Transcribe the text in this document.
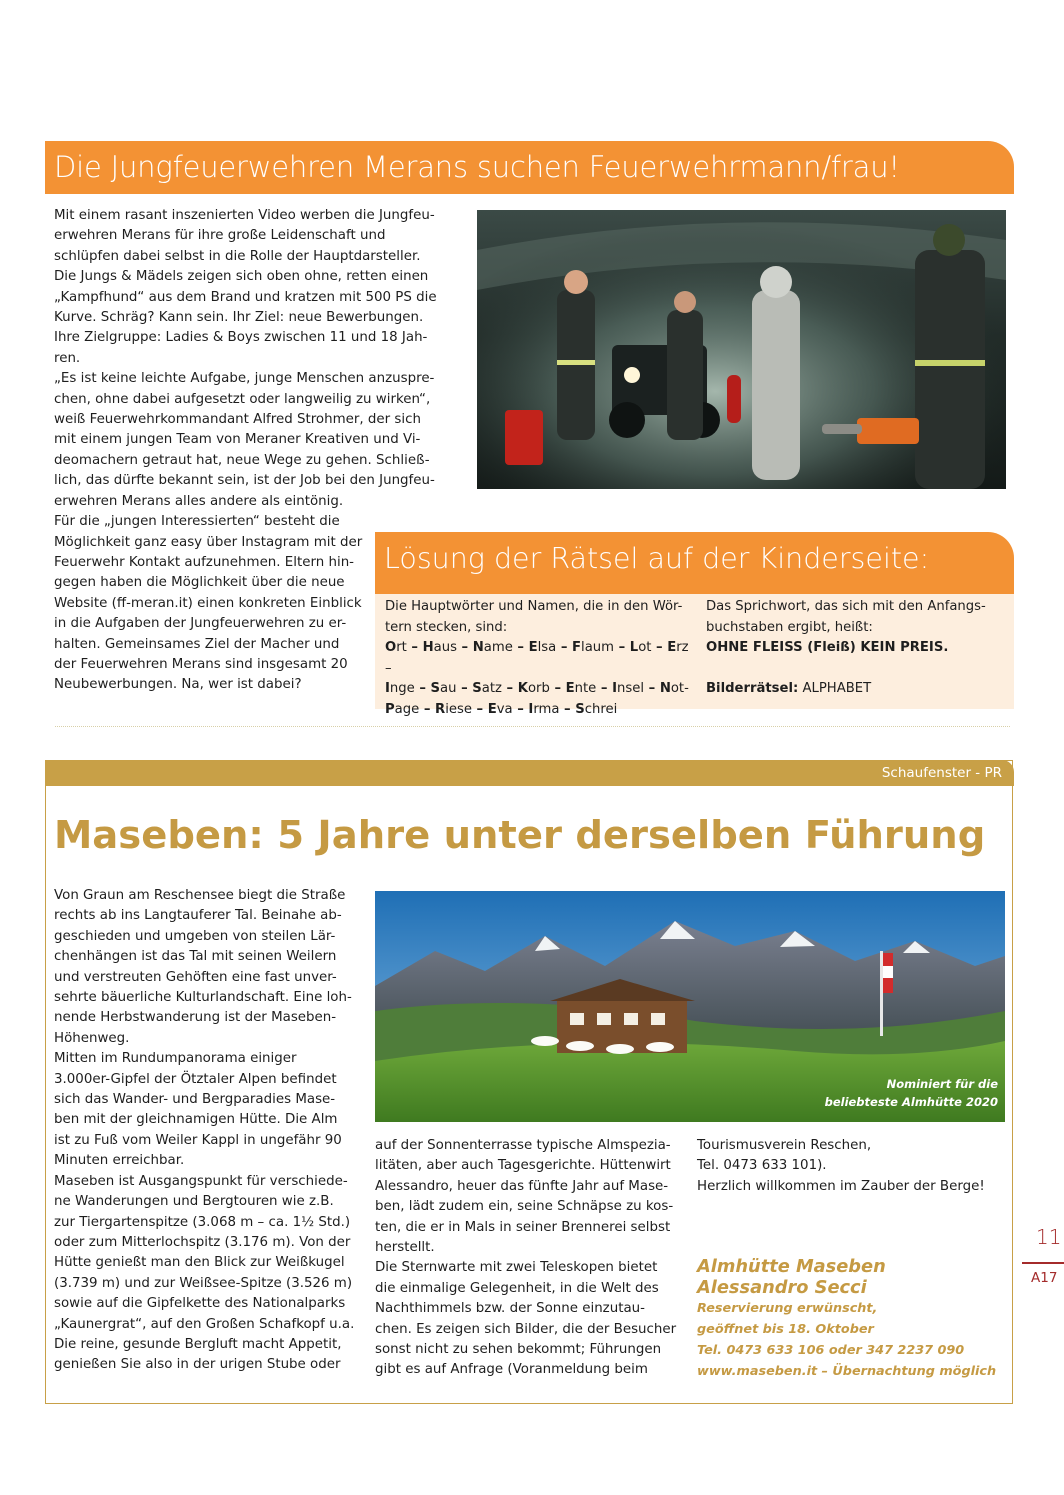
Die Jungfeuerwehren Merans suchen Feuerwehrmann/frau!
Mit einem rasant inszenierten Video werben die Jungfeu-
erwehren Merans für ihre große Leidenschaft und
schlüpfen dabei selbst in die Rolle der Hauptdarsteller.
Die Jungs & Mädels zeigen sich oben ohne, retten einen
„Kampfhund“ aus dem Brand und kratzen mit 500 PS die
Kurve. Schräg? Kann sein. Ihr Ziel: neue Bewerbungen.
Ihre Zielgruppe: Ladies & Boys zwischen 11 und 18 Jah-
ren.
„Es ist keine leichte Aufgabe, junge Menschen anzuspre-
chen, ohne dabei aufgesetzt oder langweilig zu wirken“,
weiß Feuerwehrkommandant Alfred Strohmer, der sich
mit einem jungen Team von Meraner Kreativen und Vi-
deomachern getraut hat, neue Wege zu gehen. Schließ-
lich, das dürfte bekannt sein, ist der Job bei den Jungfeu-
erwehren Merans alles andere als eintönig.
Für die „jungen Interessierten“ besteht die
Möglichkeit ganz easy über Instagram mit der
Feuerwehr Kontakt aufzunehmen. Eltern hin-
gegen haben die Möglichkeit über die neue
Website (ff-meran.it) einen konkreten Einblick
in die Aufgaben der Jungfeuerwehren zu er-
halten. Gemeinsames Ziel der Macher und
der Feuerwehren Merans sind insgesamt 20
Neubewerbungen. Na, wer ist dabei?
Lösung der Rätsel auf der Kinderseite:
Die Hauptwörter und Namen, die in den Wör-
tern stecken, sind:
Ort – Haus – Name – Elsa – Flaum – Lot – Erz –
Inge – Sau – Satz – Korb – Ente – Insel – Not-
Page – Riese – Eva – Irma – Schrei
Das Sprichwort, das sich mit den Anfangs-
buchstaben ergibt, heißt:
OHNE FLEISS (Fleiß) KEIN PREIS.
Bilderrätsel: ALPHABET
Schaufenster - PR
Maseben: 5 Jahre unter derselben Führung
Von Graun am Reschensee biegt die Straße
rechts ab ins Langtauferer Tal. Beinahe ab-
geschieden und umgeben von steilen Lär-
chenhängen ist das Tal mit seinen Weilern
und verstreuten Gehöften eine fast unver-
sehrte bäuerliche Kulturlandschaft. Eine loh-
nende Herbstwanderung ist der Maseben-
Höhenweg.
Mitten im Rundumpanorama einiger
3.000er-Gipfel der Ötztaler Alpen befindet
sich das Wander- und Bergparadies Mase-
ben mit der gleichnamigen Hütte. Die Alm
ist zu Fuß vom Weiler Kappl in ungefähr 90
Minuten erreichbar.
Maseben ist Ausgangspunkt für verschiede-
ne Wanderungen und Bergtouren wie z.B.
zur Tiergartenspitze (3.068 m – ca. 1½ Std.)
oder zum Mitterlochspitz (3.176 m). Von der
Hütte genießt man den Blick zur Weißkugel
(3.739 m) und zur Weißsee-Spitze (3.526 m)
sowie auf die Gipfelkette des Nationalparks
„Kaunergrat“, auf den Großen Schafkopf u.a.
Die reine, gesunde Bergluft macht Appetit,
genießen Sie also in der urigen Stube oder
Nominiert für die
beliebteste Almhütte 2020
auf der Sonnenterrasse typische Almspezia-
litäten, aber auch Tagesgerichte. Hüttenwirt
Alessandro, heuer das fünfte Jahr auf Mase-
ben, lädt zudem ein, seine Schnäpse zu kos-
ten, die er in Mals in seiner Brennerei selbst
herstellt.
Die Sternwarte mit zwei Teleskopen bietet
die einmalige Gelegenheit, in die Welt des
Nachthimmels bzw. der Sonne einzutau-
chen. Es zeigen sich Bilder, die der Besucher
sonst nicht zu sehen bekommt; Führungen
gibt es auf Anfrage (Voranmeldung beim
Tourismusverein Reschen,
Tel. 0473 633 101).
Herzlich willkommen im Zauber der Berge!
Almhütte Maseben
Alessandro Secci
Reservierung erwünscht,
geöffnet bis 18. Oktober
Tel. 0473 633 106 oder 347 2237 090
www.maseben.it – Übernachtung möglich
11
A17
